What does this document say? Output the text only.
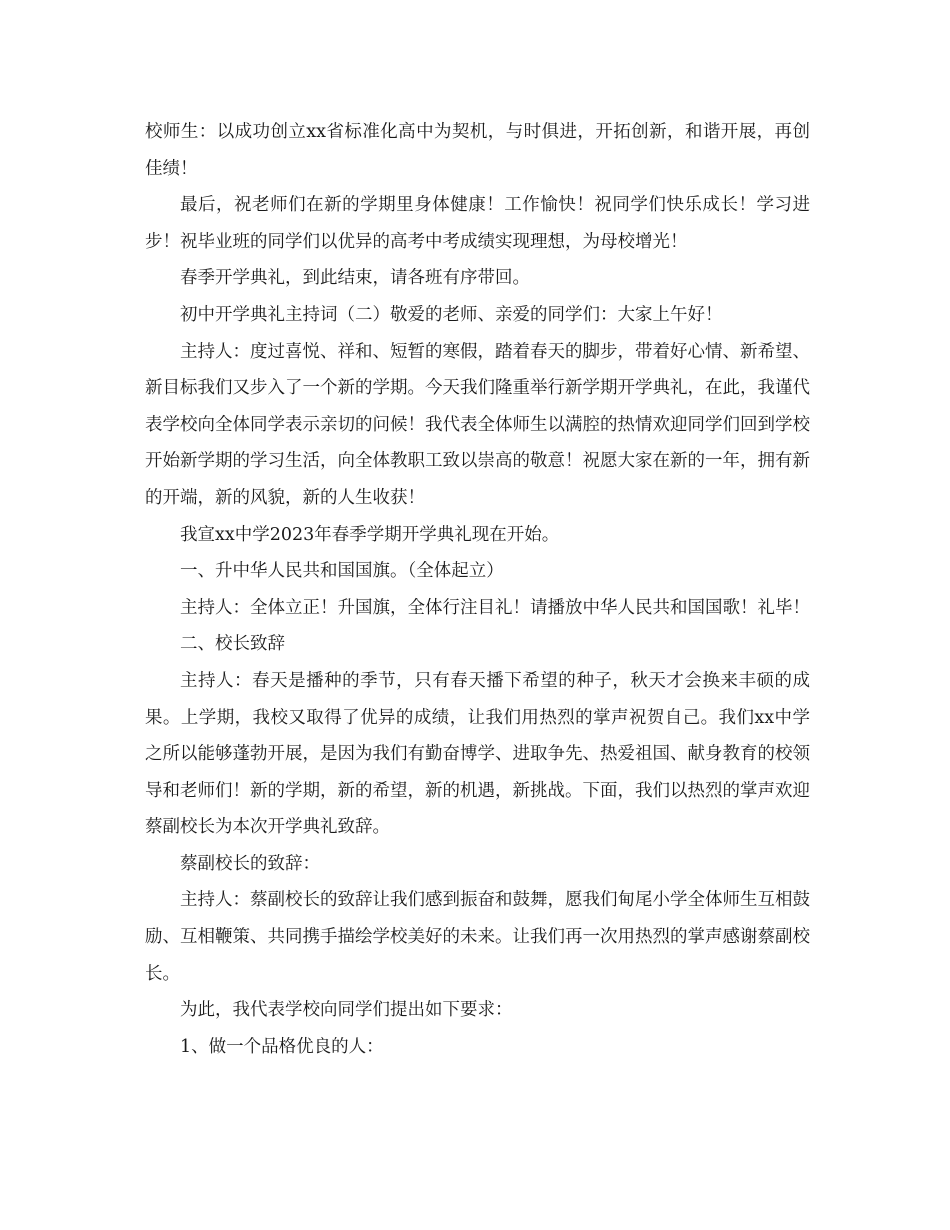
校师生：以成功创立xx省标准化高中为契机，与时俱进，开拓创新，和谐开展，再创佳绩！

最后，祝老师们在新的学期里身体健康！工作愉快！祝同学们快乐成长！学习进步！祝毕业班的同学们以优异的高考中考成绩实现理想，为母校增光！

春季开学典礼，到此结束，请各班有序带回。

初中开学典礼主持词（二）敬爱的老师、亲爱的同学们：大家上午好！

主持人：度过喜悦、祥和、短暂的寒假，踏着春天的脚步，带着好心情、新希望、新目标我们又步入了一个新的学期。今天我们隆重举行新学期开学典礼，在此，我谨代表学校向全体同学表示亲切的问候！我代表全体师生以满腔的热情欢迎同学们回到学校开始新学期的学习生活，向全体教职工致以崇高的敬意！祝愿大家在新的一年，拥有新的开端，新的风貌，新的人生收获！

我宣xx中学2023年春季学期开学典礼现在开始。

一、升中华人民共和国国旗。（全体起立）

主持人：全体立正！升国旗，全体行注目礼！请播放中华人民共和国国歌！礼毕！

二、校长致辞

主持人：春天是播种的季节，只有春天播下希望的种子，秋天才会换来丰硕的成果。上学期，我校又取得了优异的成绩，让我们用热烈的掌声祝贺自己。我们xx中学之所以能够蓬勃开展，是因为我们有勤奋博学、进取争先、热爱祖国、献身教育的校领导和老师们！新的学期，新的希望，新的机遇，新挑战。下面，我们以热烈的掌声欢迎蔡副校长为本次开学典礼致辞。

蔡副校长的致辞：

主持人：蔡副校长的致辞让我们感到振奋和鼓舞，愿我们甸尾小学全体师生互相鼓励、互相鞭策、共同携手描绘学校美好的未来。让我们再一次用热烈的掌声感谢蔡副校长。

为此，我代表学校向同学们提出如下要求：

1、做一个品格优良的人：
